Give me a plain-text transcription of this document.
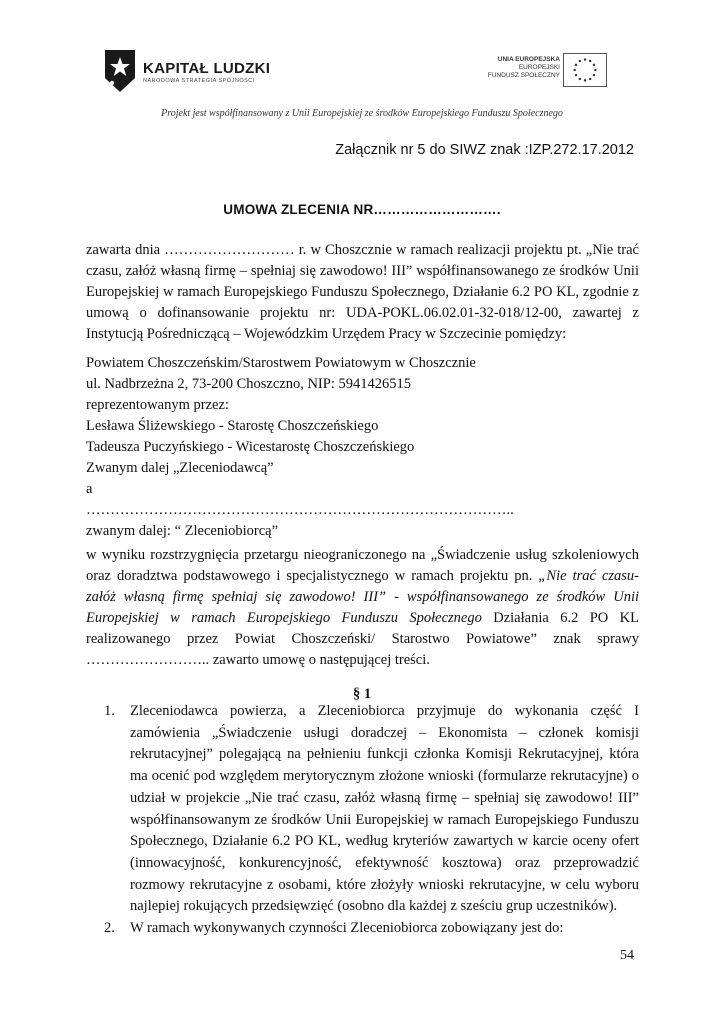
KAPITAŁ LUDZKI
NARODOWA STRATEGIA SPÓJNOŚCI
UNIA EUROPEJSKA
EUROPEJSKI
FUNDUSZ SPOŁECZNY
Projekt jest współfinansowany z Unii Europejskiej ze środków Europejskiego Funduszu Społecznego
Załącznik nr 5 do SIWZ znak :IZP.272.17.2012
UMOWA ZLECENIA NR……………………….
zawarta dnia ……………………… r. w Choszcznie w ramach realizacji projektu pt. „Nie trać czasu, załóż własną firmę – spełniaj się zawodowo! III” współfinansowanego ze środków Unii Europejskiej w ramach Europejskiego Funduszu Społecznego, Działanie 6.2 PO KL, zgodnie z umową o dofinansowanie projektu nr: UDA-POKL.06.02.01-32-018/12-00, zawartej z Instytucją Pośredniczącą – Wojewódzkim Urzędem Pracy w Szczecinie pomiędzy:
Powiatem Choszczeńskim/Starostwem Powiatowym w Choszcznie
ul. Nadbrzeżna 2, 73-200 Choszczno, NIP: 5941426515
reprezentowanym przez:
Lesława Śliżewskiego - Starostę Choszczeńskiego
Tadeusza Puczyńskiego - Wicestarostę Choszczeńskiego
Zwanym dalej „Zleceniodawcą”
a
……………………………………………………………………………..
zwanym dalej: “ Zleceniobiorcą”
w wyniku rozstrzygnięcia przetargu nieograniczonego na „Świadczenie usług szkoleniowych oraz doradztwa podstawowego i specjalistycznego w ramach projektu pn. „Nie trać czasu- załóż własną firmę spełniaj się zawodowo! III” - współfinansowanego ze środków Unii Europejskiej w ramach Europejskiego Funduszu Społecznego Działania 6.2 PO KL realizowanego przez Powiat Choszczeński/ Starostwo Powiatowe” znak sprawy …………………….. zawarto umowę o następującej treści.
§ 1
1. Zleceniodawca powierza, a Zleceniobiorca przyjmuje do wykonania część I zamówienia „Świadczenie usługi doradczej – Ekonomista – członek komisji rekrutacyjnej” polegającą na pełnieniu funkcji członka Komisji Rekrutacyjnej, która ma ocenić pod względem merytorycznym złożone wnioski (formularze rekrutacyjne) o udział w projekcie „Nie trać czasu, załóż własną firmę – spełniaj się zawodowo! III” współfinansowanym ze środków Unii Europejskiej w ramach Europejskiego Funduszu Społecznego, Działanie 6.2 PO KL, według kryteriów zawartych w karcie oceny ofert (innowacyjność, konkurencyjność, efektywność kosztowa) oraz przeprowadzić rozmowy rekrutacyjne z osobami, które złożyły wnioski rekrutacyjne, w celu wyboru najlepiej rokujących przedsięwzięć (osobno dla każdej z sześciu grup uczestników).
2. W ramach wykonywanych czynności Zleceniobiorca zobowiązany jest do:
54
